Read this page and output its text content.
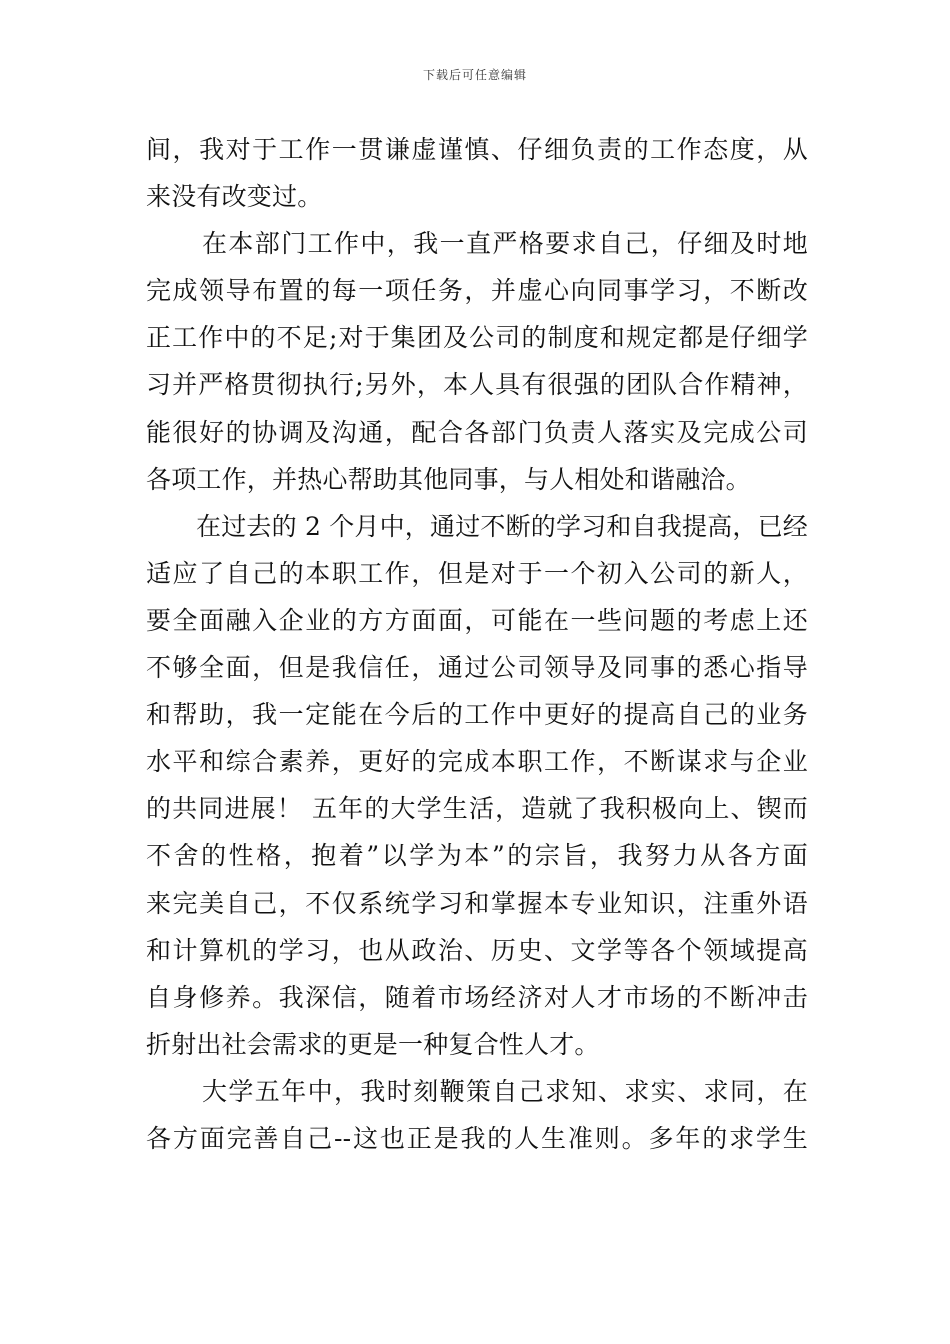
下载后可任意编辑
间，我对于工作一贯谦虚谨慎、仔细负责的工作态度，从
来没有改变过。
在本部门工作中，我一直严格要求自己，仔细及时地
完成领导布置的每一项任务，并虚心向同事学习，不断改
正工作中的不足;对于集团及公司的制度和规定都是仔细学
习并严格贯彻执行;另外，本人具有很强的团队合作精神，
能很好的协调及沟通，配合各部门负责人落实及完成公司
各项工作，并热心帮助其他同事，与人相处和谐融洽。
在过去的 2 个月中，通过不断的学习和自我提高，已经
适应了自己的本职工作，但是对于一个初入公司的新人，
要全面融入企业的方方面面，可能在一些问题的考虑上还
不够全面，但是我信任，通过公司领导及同事的悉心指导
和帮助，我一定能在今后的工作中更好的提高自己的业务
水平和综合素养，更好的完成本职工作，不断谋求与企业
的共同进展！ 五年的大学生活，造就了我积极向上、锲而
不舍的性格，抱着”以学为本”的宗旨，我努力从各方面
来完美自己，不仅系统学习和掌握本专业知识，注重外语
和计算机的学习，也从政治、历史、文学等各个领域提高
自身修养。我深信，随着市场经济对人才市场的不断冲击
折射出社会需求的更是一种复合性人才。
大学五年中，我时刻鞭策自己求知、求实、求同，在
各方面完善自己--这也正是我的人生准则。多年的求学生
